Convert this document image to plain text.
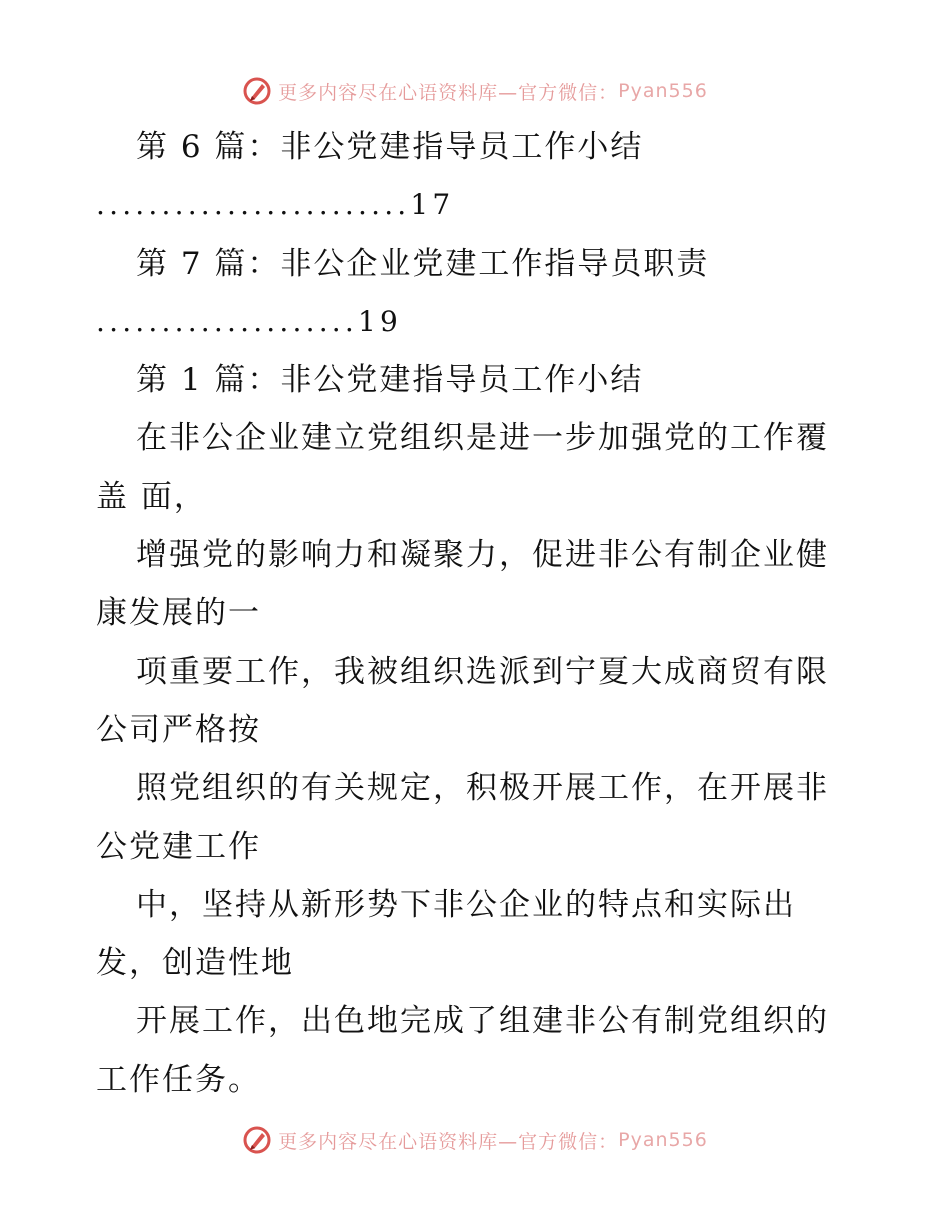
更多内容尽在心语资料库—官方微信： Pyan556
第 6 篇：非公党建指导员工作小结
........................17
第 7 篇：非公企业党建工作指导员职责
....................19
第 1 篇：非公党建指导员工作小结
在非公企业建立党组织是进一步加强党的工作覆
盖 面，
增强党的影响力和凝聚力，促进非公有制企业健
康发展的一
项重要工作，我被组织选派到宁夏大成商贸有限
公司严格按
照党组织的有关规定，积极开展工作，在开展非
公党建工作
中，坚持从新形势下非公企业的特点和实际出
发，创造性地
开展工作，出色地完成了组建非公有制党组织的
工作任务。
更多内容尽在心语资料库—官方微信： Pyan556
